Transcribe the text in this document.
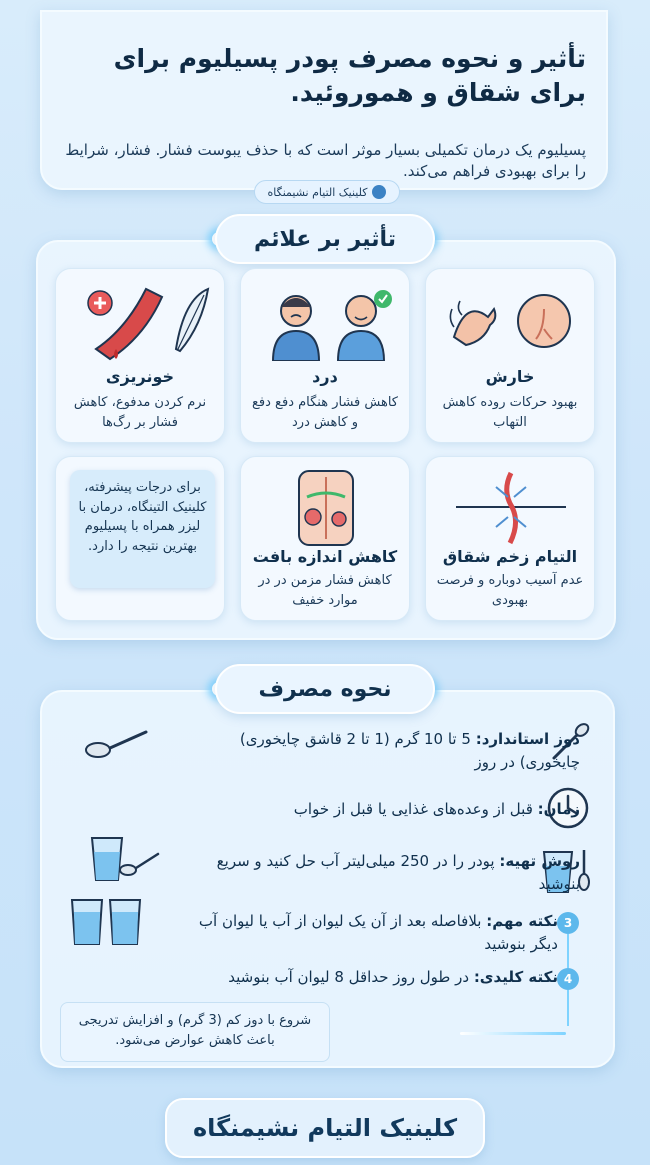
تأثیر و نحوه مصرف پودر پسیلیوم برای برای شقاق و هموروئید.
پسیلیوم یک درمان تکمیلی بسیار موثر است که با حذف یبوست فشار. فشار، شرایط را برای بهبودی فراهم می‌کند.
کلینیک التیام نشیمنگاه
تأثیر بر علائم
خارش
بهبود حرکات روده کاهش التهاب
درد
کاهش فشار هنگام دفع دفع و کاهش درد
خونریزی
نرم کردن مدفوع، کاهش فشار بر رگ‌ها
التیام زخم شقاق
عدم آسیب دوباره و فرصت بهبودی
کاهش اندازه بافت
کاهش فشار مزمن در در موارد خفیف
برای درجات پیشرفته، کلینیک التینگاه، درمان با لیزر همراه با پسیلیوم بهترین نتیجه را دارد.
نحوه مصرف
دوز استاندارد: 5 تا 10 گرم (1 تا 2 قاشق چایخوری) چایخوری) در روز
زمان: قبل از وعده‌های غذایی یا قبل از خواب
روش تهیه: پودر را در 250 میلی‌لیتر آب حل کنید و سریع بنوشید
3
نکته مهم: بلافاصله بعد از آن یک لیوان از آب یا لیوان آب دیگر بنوشید
4
نکته کلیدی: در طول روز حداقل 8 لیوان آب بنوشید
شروع با دوز کم (3 گرم) و افزایش تدریجی باعث کاهش عوارض می‌شود.
کلینیک التیام نشیمنگاه
